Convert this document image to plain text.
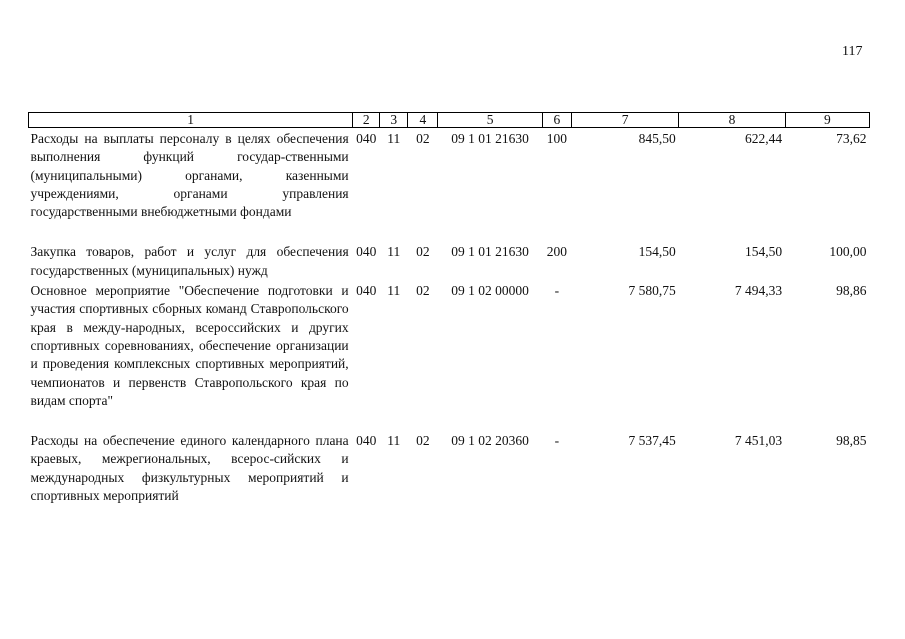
117
1	2	3	4	5	6	7	8	9
Расходы на выплаты персоналу в целях обеспечения выполнения функций государ-ственными (муниципальными) органами, казенными учреждениями, органами управления государственными внебюджетными фондами	040	11	02	09 1 01 21630	100	845,50	622,44	73,62

Закупка товаров, работ и услуг для обеспечения государственных (муниципальных) нужд	040	11	02	09 1 01 21630	200	154,50	154,50	100,00
Основное мероприятие "Обеспечение подготовки и участия спортивных сборных команд Ставропольского края в между-народных, всероссийских и других спортивных соревнованиях, обеспечение организации и проведения комплексных спортивных мероприятий, чемпионатов и первенств Ставропольского края по видам спорта"	040	11	02	09 1 02 00000	-	7 580,75	7 494,33	98,86

Расходы на обеспечение единого календарного плана краевых, межрегиональных, всерос-сийских и международных физкультурных мероприятий и спортивных мероприятий	040	11	02	09 1 02 20360	-	7 537,45	7 451,03	98,85
